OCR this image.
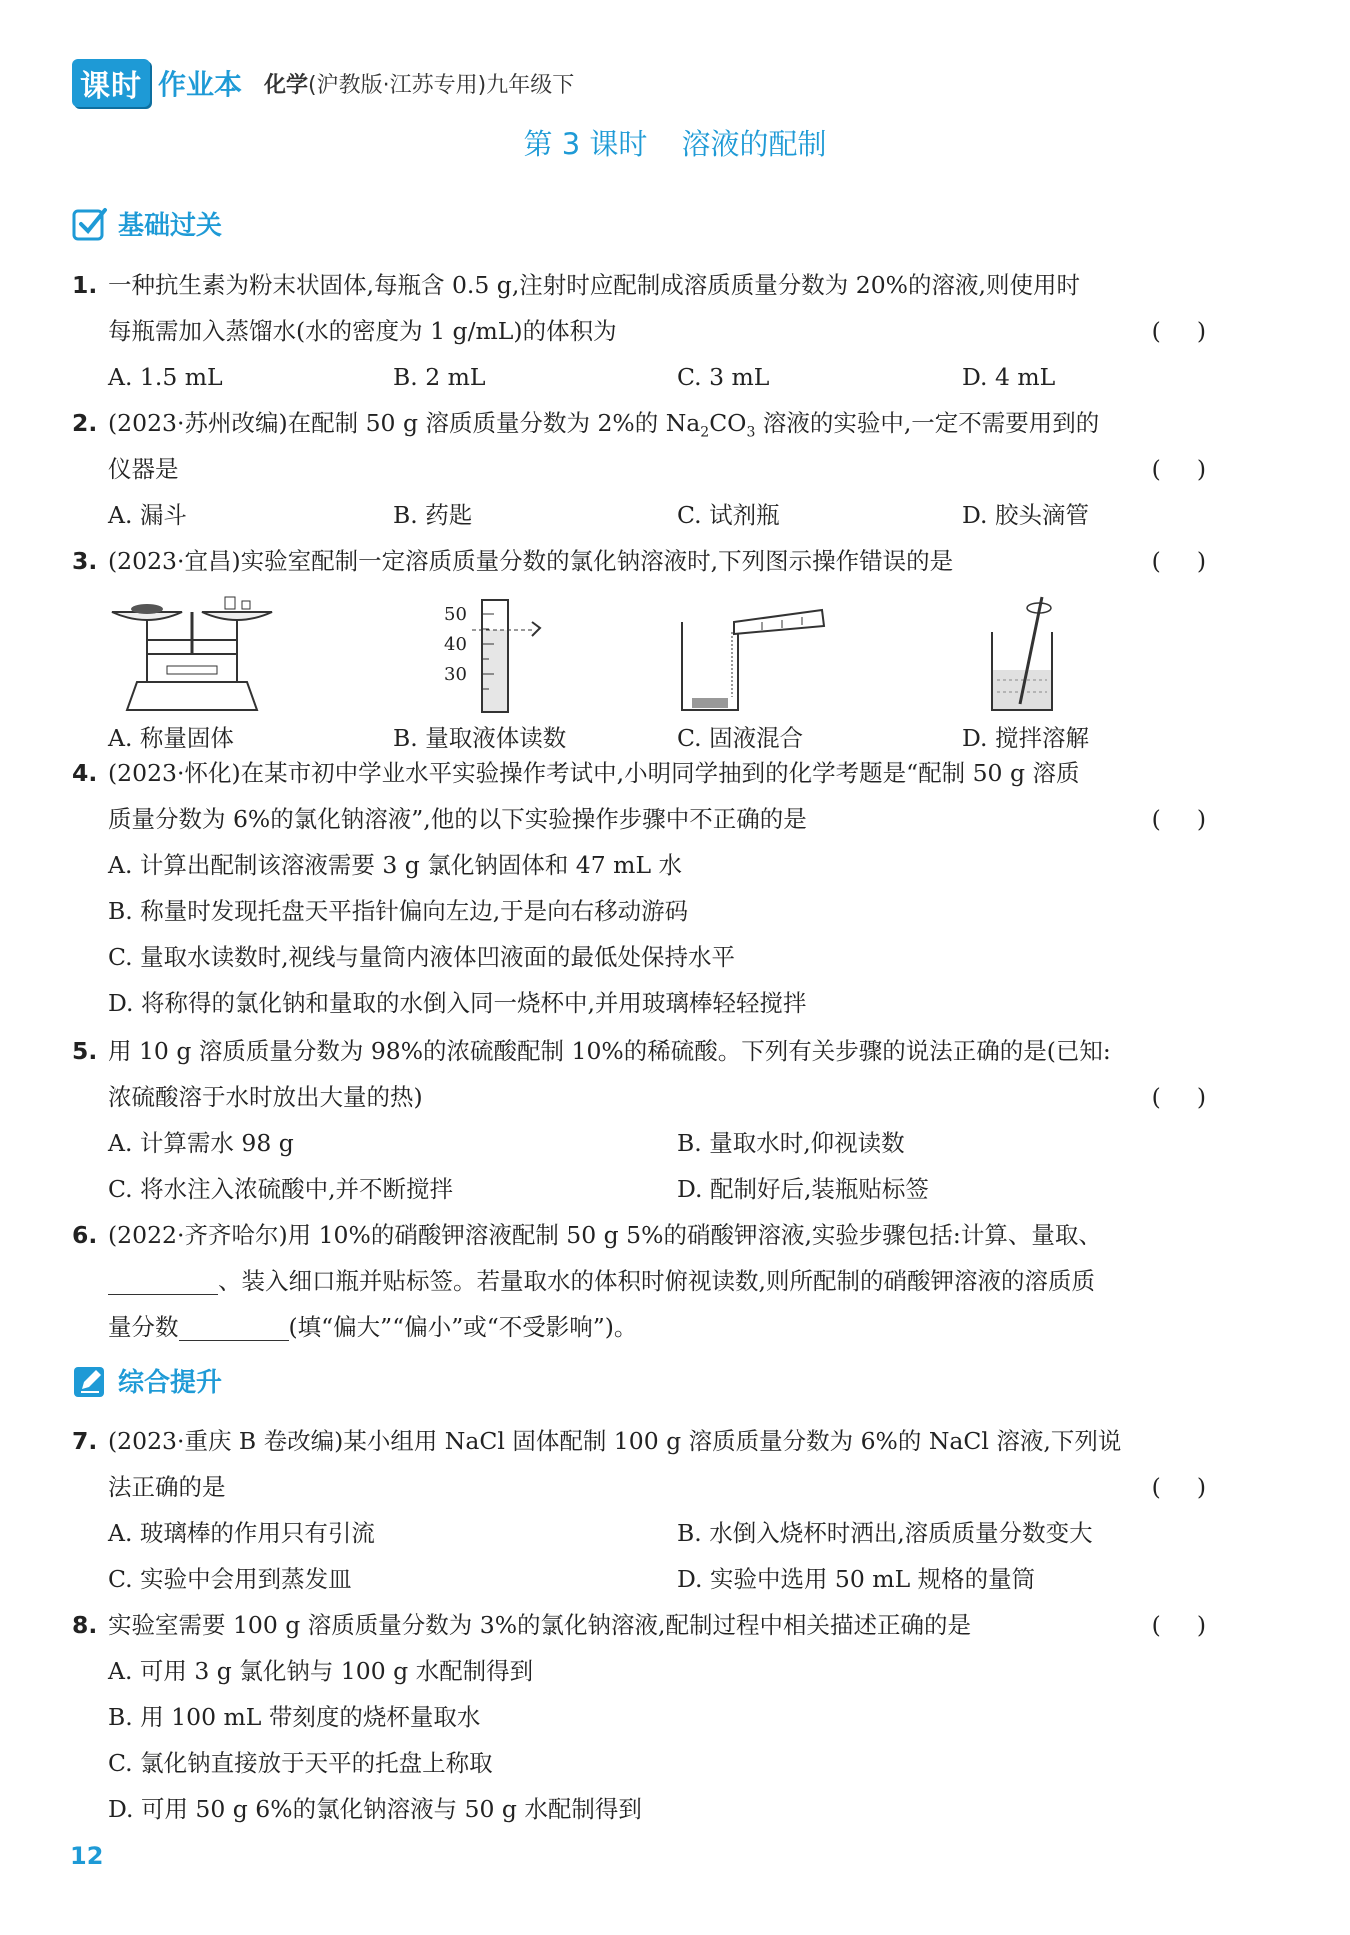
课时 作业本 化学(沪教版·江苏专用)九年级下
第 3 课时 溶液的配制
基础过关
1. 一种抗生素为粉末状固体,每瓶含 0.5 g,注射时应配制成溶质质量分数为 20%的溶液,则使用时
每瓶需加入蒸馏水(水的密度为 1 g/mL)的体积为	()
A. 1.5 mL	B. 2 mL	C. 3 mL	D. 4 mL
2. (2023·苏州改编)在配制 50 g 溶质质量分数为 2%的 $Na_2CO_3$ 溶液的实验中,一定不需要用到的
仪器是	()
A. 漏斗	B. 药匙	C. 试剂瓶	D. 胶头滴管
3. (2023·宜昌)实验室配制一定溶质质量分数的氯化钠溶液时,下列图示操作错误的是	()
50
40
30
A. 称量固体	B. 量取液体读数	C. 固液混合	D. 搅拌溶解
4. (2023·怀化)在某市初中学业水平实验操作考试中,小明同学抽到的化学考题是“配制 50 g 溶质
质量分数为 6%的氯化钠溶液”,他的以下实验操作步骤中不正确的是	()
A. 计算出配制该溶液需要 3 g 氯化钠固体和 47 mL 水
B. 称量时发现托盘天平指针偏向左边,于是向右移动游码
C. 量取水读数时,视线与量筒内液体凹液面的最低处保持水平
D. 将称得的氯化钠和量取的水倒入同一烧杯中,并用玻璃棒轻轻搅拌
5. 用 10 g 溶质质量分数为 98%的浓硫酸配制 10%的稀硫酸。下列有关步骤的说法正确的是(已知:
浓硫酸溶于水时放出大量的热)	()
A. 计算需水 98 g	B. 量取水时,仰视读数
C. 将水注入浓硫酸中,并不断搅拌	D. 配制好后,装瓶贴标签
6. (2022·齐齐哈尔)用 10%的硝酸钾溶液配制 50 g 5%的硝酸钾溶液,实验步骤包括:计算、量取、
、装入细口瓶并贴标签。若量取水的体积时俯视读数,则所配制的硝酸钾溶液的溶质质
量分数	(填“偏大”“偏小”或“不受影响”)。
综合提升
7. (2023·重庆 B 卷改编)某小组用 NaCl 固体配制 100 g 溶质质量分数为 6%的 NaCl 溶液,下列说
法正确的是	()
A. 玻璃棒的作用只有引流	B. 水倒入烧杯时洒出,溶质质量分数变大
C. 实验中会用到蒸发皿	D. 实验中选用 50 mL 规格的量筒
8. 实验室需要 100 g 溶质质量分数为 3%的氯化钠溶液,配制过程中相关描述正确的是	()
A. 可用 3 g 氯化钠与 100 g 水配制得到
B. 用 100 mL 带刻度的烧杯量取水
C. 氯化钠直接放于天平的托盘上称取
D. 可用 50 g 6%的氯化钠溶液与 50 g 水配制得到
12
